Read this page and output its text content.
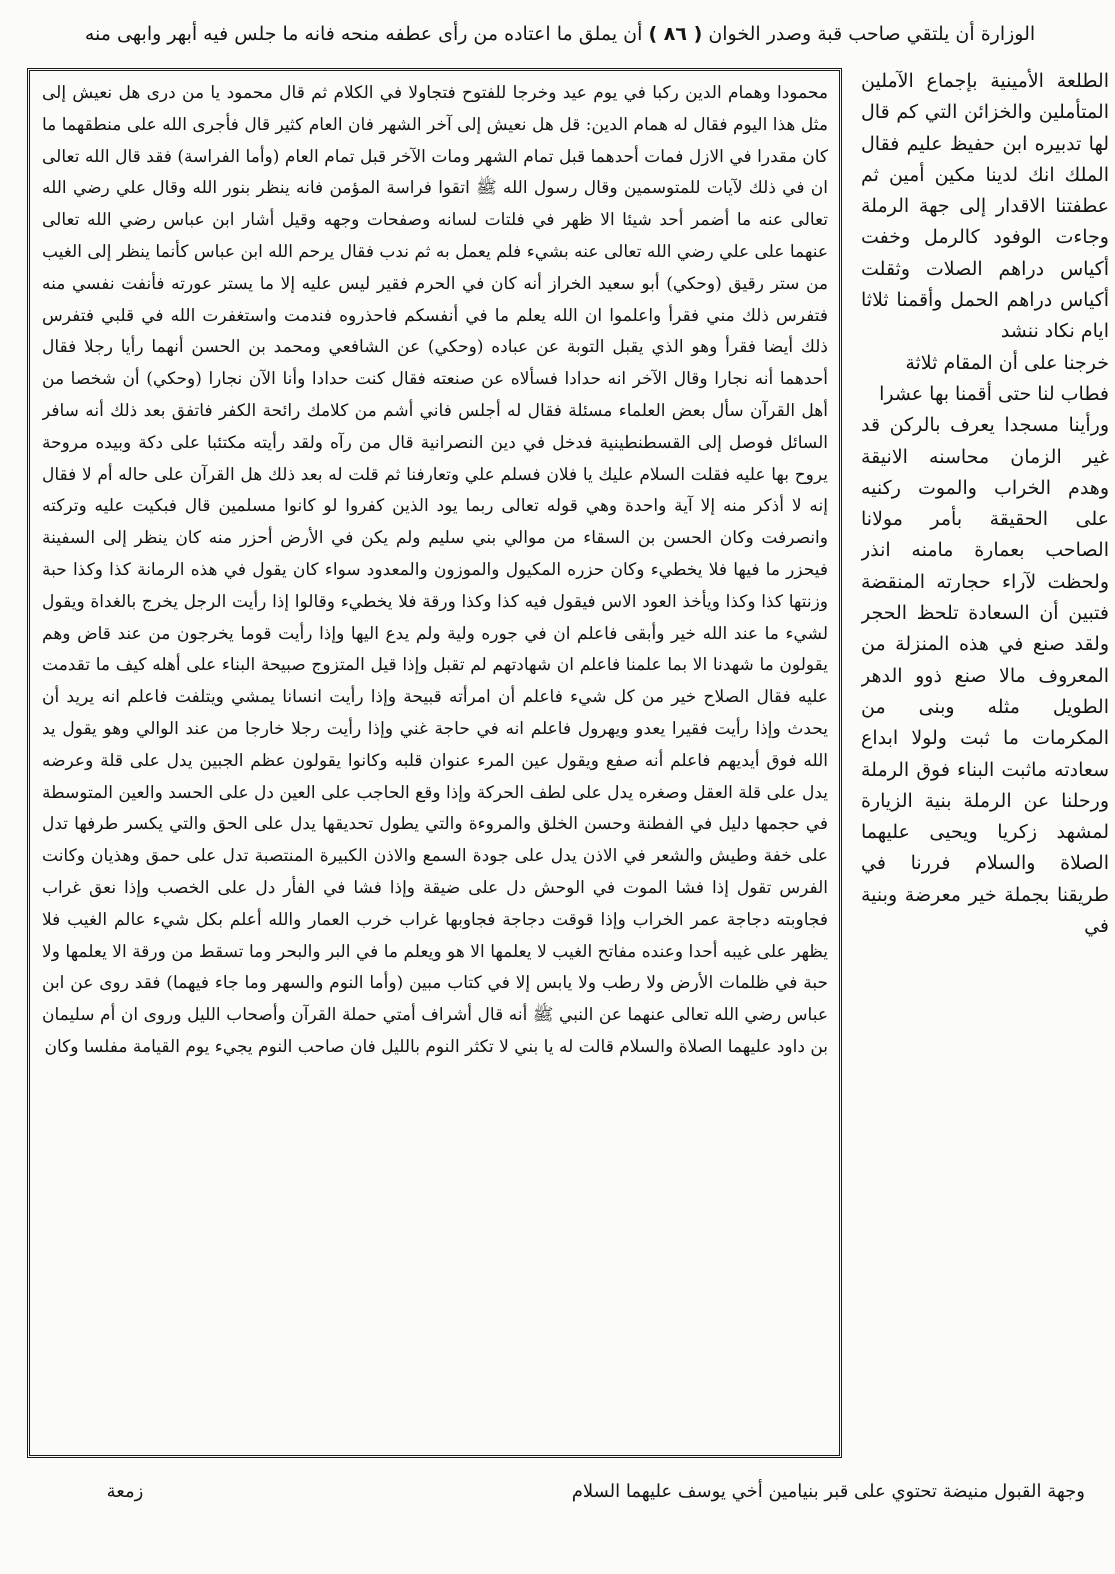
الوزارة أن يلتقي صاحب قبة وصدر الخوان ( ٨٦ ) أن يملق ما اعتاده من رأى عطفه منحه فانه ما جلس فيه أبهر وابهى منه

الطلعة الأمينية بإجماع الآملين المتأملين والخزائن التي كم قال لها تدبيره ابن حفيظ عليم فقال الملك انك لدينا مكين أمين ثم عطفتنا الاقدار إلى جهة الرملة وجاءت الوفود كالرمل وخفت أكياس دراهم الصلات وثقلت أكياس دراهم الحمل وأقمنا ثلاثا ايام نكاد ننشد

خرجنا على أن المقام ثلاثة

فطاب لنا حتى أقمنا بها عشرا

ورأينا مسجدا يعرف بالركن قد غير الزمان محاسنه الانيقة وهدم الخراب والموت ركنيه على الحقيقة بأمر مولانا الصاحب بعمارة مامنه انذر ولحظت لآراء حجارته المنقضة فتبين أن السعادة تلحظ الحجر ولقد صنع في هذه المنزلة من المعروف مالا صنع ذوو الدهر الطويل مثله وبنى من المكرمات ما ثبت ولولا ابداع سعادته ماثبت البناء فوق الرملة ورحلنا عن الرملة بنية الزيارة لمشهد زكريا ويحيى عليهما الصلاة والسلام فررنا في طريقنا بجملة خير معرضة وبنية في

محمودا وهمام الدين ركبا في يوم عيد وخرجا للفتوح فتجاولا في الكلام ثم قال محمود يا من درى هل نعيش إلى مثل هذا اليوم فقال له همام الدين: قل هل نعيش إلى آخر الشهر فان العام كثير قال فأجرى الله على منطقهما ما كان مقدرا في الازل فمات أحدهما قبل تمام الشهر ومات الآخر قبل تمام العام (وأما الفراسة) فقد قال الله تعالى ان في ذلك لآيات للمتوسمين وقال رسول الله ﷺ اتقوا فراسة المؤمن فانه ينظر بنور الله وقال علي رضي الله تعالى عنه ما أضمر أحد شيئا الا ظهر في فلتات لسانه وصفحات وجهه وقيل أشار ابن عباس رضي الله تعالى عنهما على علي رضي الله تعالى عنه بشيء فلم يعمل به ثم ندب فقال يرحم الله ابن عباس كأنما ينظر إلى الغيب من ستر رقيق (وحكي) أبو سعيد الخراز أنه كان في الحرم فقير ليس عليه إلا ما يستر عورته فأنفت نفسي منه فتفرس ذلك مني فقرأ واعلموا ان الله يعلم ما في أنفسكم فاحذروه فندمت واستغفرت الله في قلبي فتفرس ذلك أيضا فقرأ وهو الذي يقبل التوبة عن عباده (وحكي) عن الشافعي ومحمد بن الحسن أنهما رأيا رجلا فقال أحدهما أنه نجارا وقال الآخر انه حدادا فسألاه عن صنعته فقال كنت حدادا وأنا الآن نجارا (وحكي) أن شخصا من أهل القرآن سأل بعض العلماء مسئلة فقال له أجلس فاني أشم من كلامك رائحة الكفر فاتفق بعد ذلك أنه سافر السائل فوصل إلى القسطنطينية فدخل في دين النصرانية قال من رآه ولقد رأيته مكتئبا على دكة وبيده مروحة يروح بها عليه فقلت السلام عليك يا فلان فسلم علي وتعارفنا ثم قلت له بعد ذلك هل القرآن على حاله أم لا فقال إنه لا أذكر منه إلا آية واحدة وهي قوله تعالى ربما يود الذين كفروا لو كانوا مسلمين قال فبكيت عليه وتركته وانصرفت وكان الحسن بن السقاء من موالي بني سليم ولم يكن في الأرض أحزر منه كان ينظر إلى السفينة فيحزر ما فيها فلا يخطيء وكان حزره المكيول والموزون والمعدود سواء كان يقول في هذه الرمانة كذا وكذا حبة وزنتها كذا وكذا ويأخذ العود الاس فيقول فيه كذا وكذا ورقة فلا يخطيء وقالوا إذا رأيت الرجل يخرج بالغداة ويقول لشيء ما عند الله خير وأبقى فاعلم ان في جوره ولية ولم يدع اليها وإذا رأيت قوما يخرجون من عند قاض وهم يقولون ما شهدنا الا بما علمنا فاعلم ان شهادتهم لم تقبل وإذا قيل المتزوج صبيحة البناء على أهله كيف ما تقدمت عليه فقال الصلاح خير من كل شيء فاعلم أن امرأته قبيحة وإذا رأيت انسانا يمشي ويتلفت فاعلم انه يريد أن يحدث وإذا رأيت فقيرا يعدو ويهرول فاعلم انه في حاجة غني وإذا رأيت رجلا خارجا من عند الوالي وهو يقول يد الله فوق أيديهم فاعلم أنه صفع ويقول عين المرء عنوان قلبه وكانوا يقولون عظم الجبين يدل على قلة وعرضه يدل على قلة العقل وصغره يدل على لطف الحركة وإذا وقع الحاجب على العين دل على الحسد والعين المتوسطة في حجمها دليل في الفطنة وحسن الخلق والمروءة والتي يطول تحديقها يدل على الحق والتي يكسر طرفها تدل على خفة وطيش والشعر في الاذن يدل على جودة السمع والاذن الكبيرة المنتصبة تدل على حمق وهذيان وكانت الفرس تقول إذا فشا الموت في الوحش دل على ضيقة وإذا فشا في الفأر دل على الخصب وإذا نعق غراب فجاوبته دجاجة عمر الخراب وإذا قوقت دجاجة فجاوبها غراب خرب العمار والله أعلم بكل شيء عالم الغيب فلا يظهر على غيبه أحدا وعنده مفاتح الغيب لا يعلمها الا هو ويعلم ما في البر والبحر وما تسقط من ورقة الا يعلمها ولا حبة في ظلمات الأرض ولا رطب ولا يابس إلا في كتاب مبين (وأما النوم والسهر وما جاء فيهما) فقد روى عن ابن عباس رضي الله تعالى عنهما عن النبي ﷺ أنه قال أشراف أمتي حملة القرآن وأصحاب الليل وروى ان أم سليمان بن داود عليهما الصلاة والسلام قالت له يا بني لا تكثر النوم بالليل فان صاحب النوم يجيء يوم القيامة مفلسا وكان

زمعة	وجهة القبول منيضة تحتوي على قبر بنيامين أخي يوسف عليهما السلام
